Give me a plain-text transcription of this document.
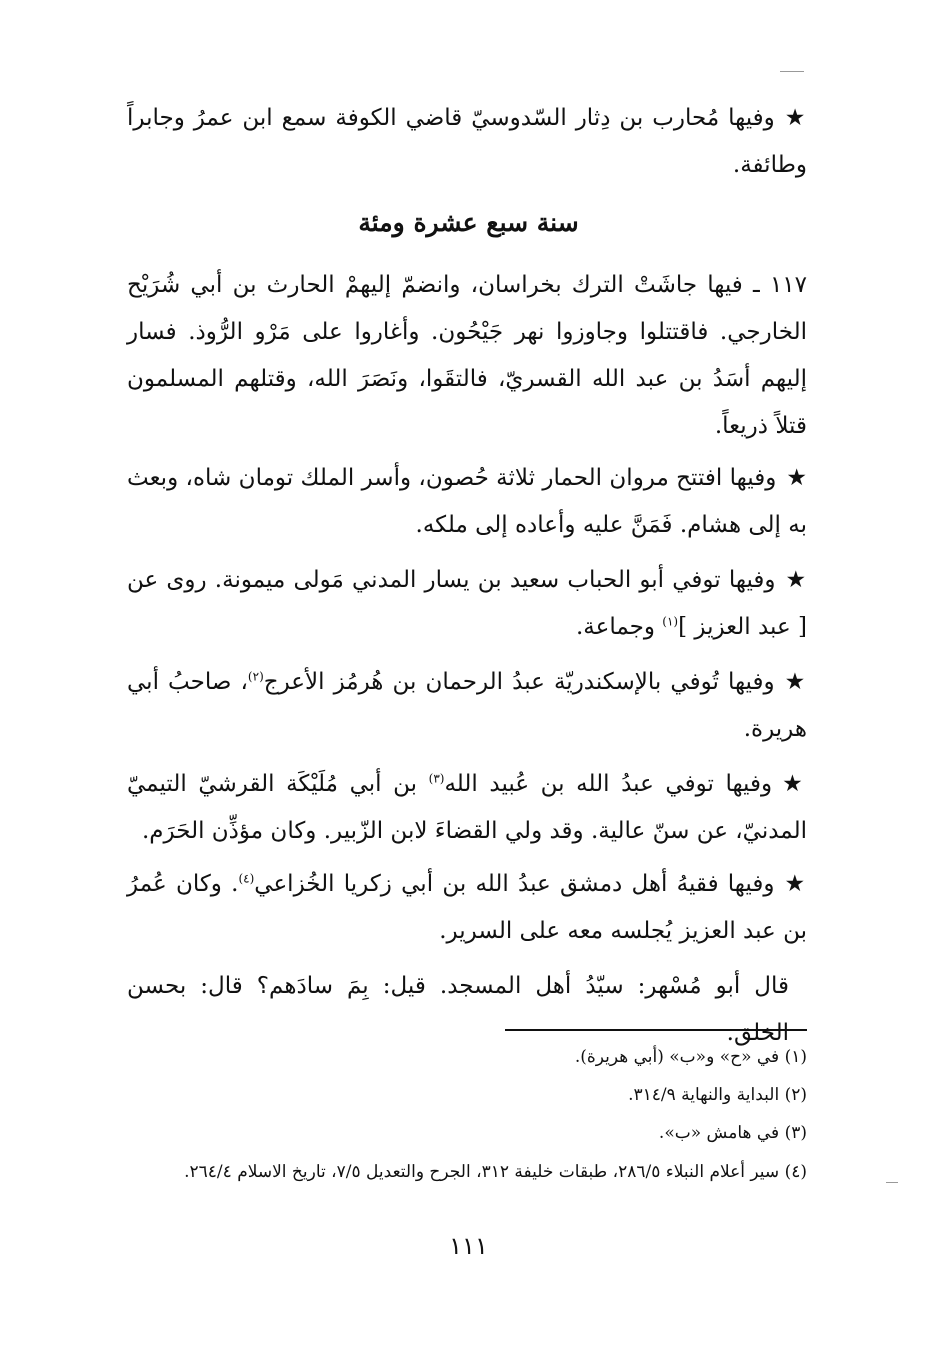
★وفيها مُحارب بن دِثار السّدوسيّ قاضي الكوفة سمع ابن عمرُ وجابراً وطائفة.
سنة سبع عشرة ومئة
١١٧ ـ فيها جاشَتْ الترك بخراسان، وانضمّ إليهمْ الحارث بن أبي شُرَيْح الخارجي. فاقتتلوا وجاوزوا نهر جَيْحُون. وأغاروا على مَرْو الرُّوذ. فسار إليهم أسَدُ بن عبد الله القسريّ، فالتقَوا، ونَصَرَ الله، وقتلهم المسلمون قتلاً ذريعاً.
★وفيها افتتح مروان الحمار ثلاثة حُصون، وأسر الملك تومان شاه، وبعث به إلى هشام. فَمَنَّ عليه وأعاده إلى ملكه.
★وفيها توفي أبو الحباب سعيد بن يسار المدني مَولى ميمونة. روى عن [ عبد العزيز ]$^{(١)}$ وجماعة.
★وفيها تُوفي بالإسكندريّة عبدُ الرحمان بن هُرمُز الأعرج$^{(٢)}$، صاحبُ أبي هريرة.
★وفيها توفي عبدُ الله بن عُبيد الله$^{(٣)}$ بن أبي مُلَيْكَة القرشيّ التيميّ المدنيّ، عن سنّ عالية. وقد ولي القضاءَ لابن الزّبير. وكان مؤذِّن الحَرَم.
★وفيها فقيهُ أهل دمشق عبدُ الله بن أبي زكريا الخُزاعي$^{(٤)}$. وكان عُمرُ بن عبد العزيز يُجلسه معه على السرير.
قال أبو مُسْهر: سيّدُ أهل المسجد. قيل: بِمَ سادَهم؟ قال: بحسن الخلق.
(١) في «ح» و«ب» (أبي هريرة).
(٢) البداية والنهاية ٣١٤/٩.
(٣) في هامش «ب».
(٤) سير أعلام النبلاء ٢٨٦/٥، طبقات خليفة ٣١٢، الجرح والتعديل ٧/٥، تاريخ الاسلام ٢٦٤/٤.
١١١
